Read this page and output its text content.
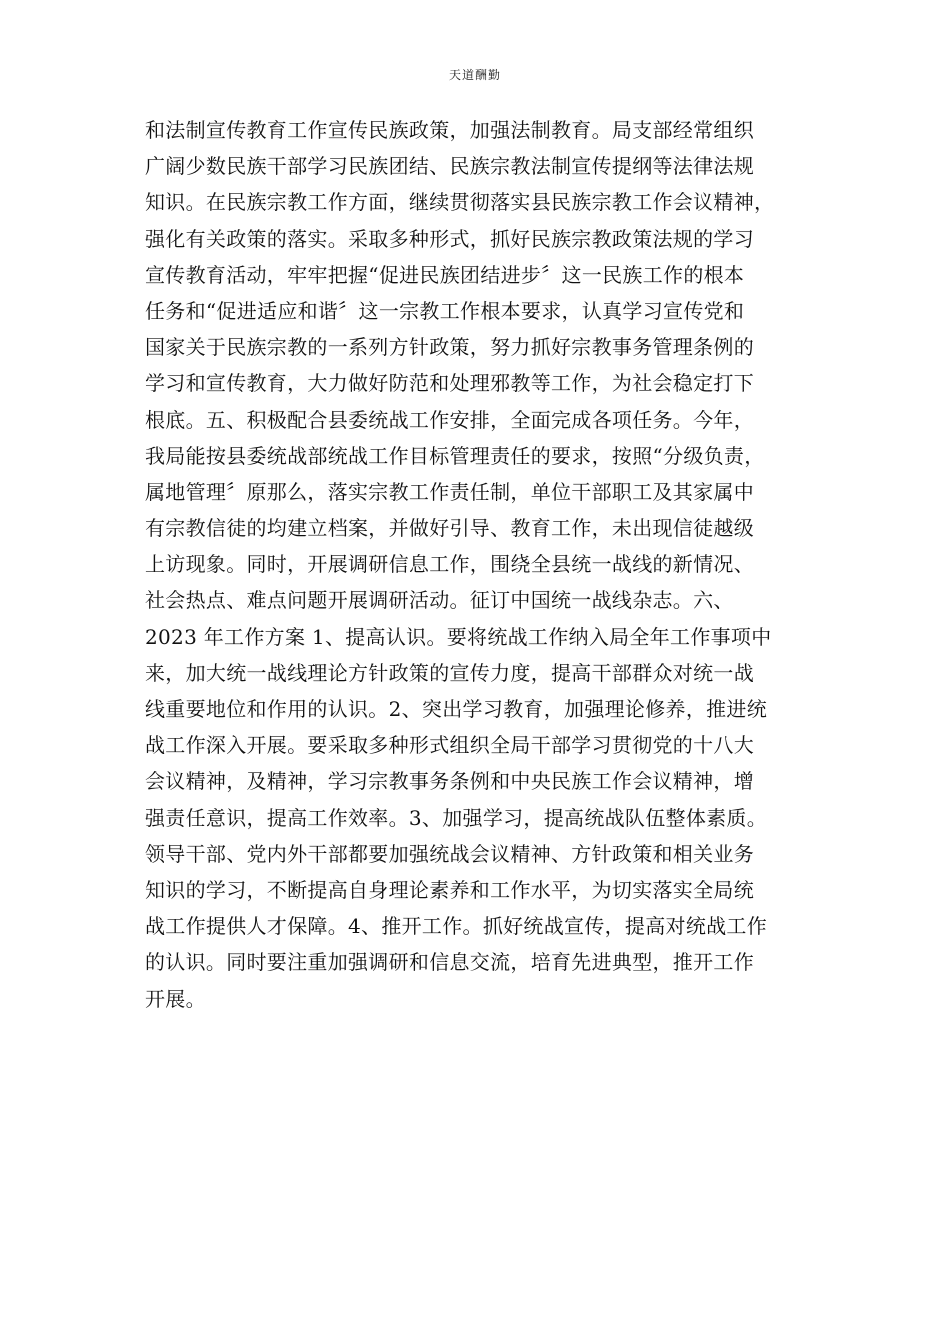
天道酬勤
和法制宣传教育工作宣传民族政策，加强法制教育。局支部经常组织
广阔少数民族干部学习民族团结、民族宗教法制宣传提纲等法律法规
知识。在民族宗教工作方面，继续贯彻落实县民族宗教工作会议精神，
强化有关政策的落实。采取多种形式，抓好民族宗教政策法规的学习
宣传教育活动，牢牢把握“促进民族团结进步〞这一民族工作的根本
任务和“促进适应和谐〞这一宗教工作根本要求，认真学习宣传党和
国家关于民族宗教的一系列方针政策，努力抓好宗教事务管理条例的
学习和宣传教育，大力做好防范和处理邪教等工作，为社会稳定打下
根底。五、积极配合县委统战工作安排，全面完成各项任务。今年，
我局能按县委统战部统战工作目标管理责任的要求，按照“分级负责，
属地管理〞原那么，落实宗教工作责任制，单位干部职工及其家属中
有宗教信徒的均建立档案，并做好引导、教育工作，未出现信徒越级
上访现象。同时，开展调研信息工作，围绕全县统一战线的新情况、
社会热点、难点问题开展调研活动。征订中国统一战线杂志。六、
2023 年工作方案 1、提高认识。要将统战工作纳入局全年工作事项中
来，加大统一战线理论方针政策的宣传力度，提高干部群众对统一战
线重要地位和作用的认识。2、突出学习教育，加强理论修养，推进统
战工作深入开展。要采取多种形式组织全局干部学习贯彻党的十八大
会议精神，及精神，学习宗教事务条例和中央民族工作会议精神，增
强责任意识，提高工作效率。3、加强学习，提高统战队伍整体素质。
领导干部、党内外干部都要加强统战会议精神、方针政策和相关业务
知识的学习，不断提高自身理论素养和工作水平，为切实落实全局统
战工作提供人才保障。4、推开工作。抓好统战宣传，提高对统战工作
的认识。同时要注重加强调研和信息交流，培育先进典型，推开工作
开展。
